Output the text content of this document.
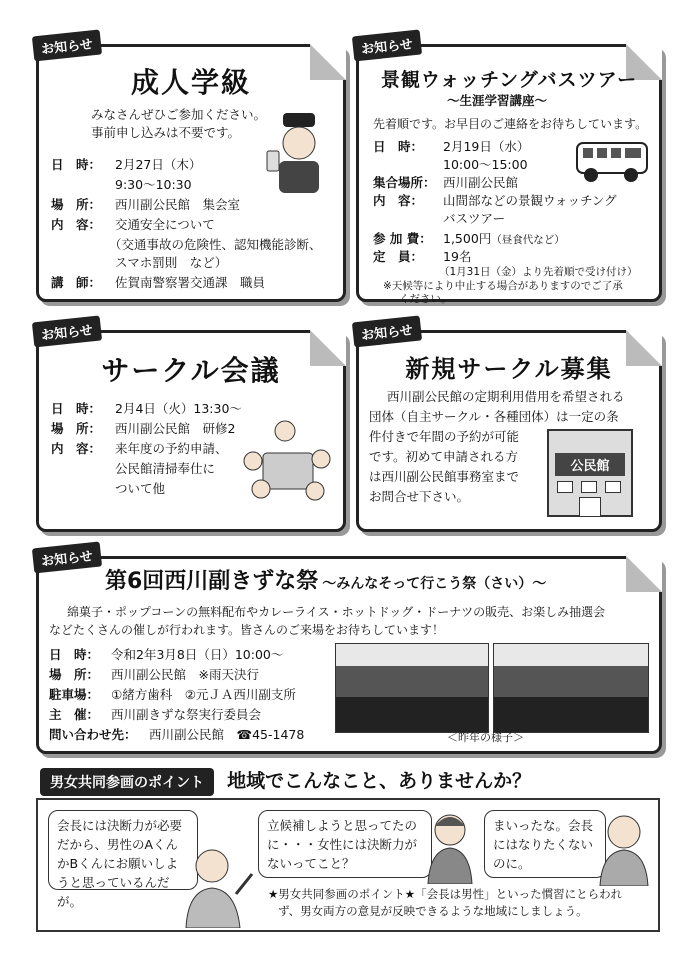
お知らせ
成人学級
みなさんぜひご参加ください。
事前申し込みは不要です。
日　時： 2月27日（木）
9:30～10:30
場　所： 西川副公民館　集会室
内　容： 交通安全について
（交通事故の危険性、認知機能診断、
スマホ罰則　など）
講　師： 佐賀南警察署交通課　職員
お知らせ
景観ウォッチングバスツアー
～生涯学習講座～
先着順です。お早目のご連絡をお待ちしています。
日　時： 2月19日（水）
10:00～15:00
集合場所： 西川副公民館
内　容： 山間部などの景観ウォッチング
バスツアー
参 加 費： 1,500円（昼食代など）
定　員： 19名
（1月31日（金）より先着順で受け付け）
※天候等により中止する場合がありますのでご了承
ください。
お知らせ
サークル会議
日　時： 2月4日（火）13:30～
場　所： 西川副公民館　研修2
内　容： 来年度の予約申請、
公民館清掃奉仕に
ついて他
お知らせ
新規サークル募集
西川副公民館の定期利用借用を希望される
団体（自主サークル・各種団体）は一定の条
件付きで年間の予約が可能
です。初めて申請される方
は西川副公民館事務室まで
お問合せ下さい。
公民館
お知らせ
第6回西川副きずな祭 ～みんなそって行こう祭（さい）～
綿菓子・ポップコーンの無料配布やカレーライス・ホットドッグ・ドーナツの販売、お楽しみ抽選会
などたくさんの催しが行われます。皆さんのご来場をお待ちしています！
日　時： 令和2年3月8日（日）10:00～
場　所： 西川副公民館　※雨天決行
駐車場： ①緒方歯科　②元ＪＡ西川副支所
主　催： 西川副きずな祭実行委員会
問い合わせ先： 西川副公民館　☎45-1478	＜昨年の様子＞
男女共同参画のポイント 地域でこんなこと、ありませんか？
会長には決断力が必要だから、男性のAくんかBくんにお願いしようと思っているんだが。
立候補しようと思ってたのに・・・女性には決断力がないってこと？
まいったな。会長にはなりたくないのに。
★男女共同参画のポイント★「会長は男性」といった慣習にとらわれ
ず、男女両方の意見が反映できるような地域にしましょう。
